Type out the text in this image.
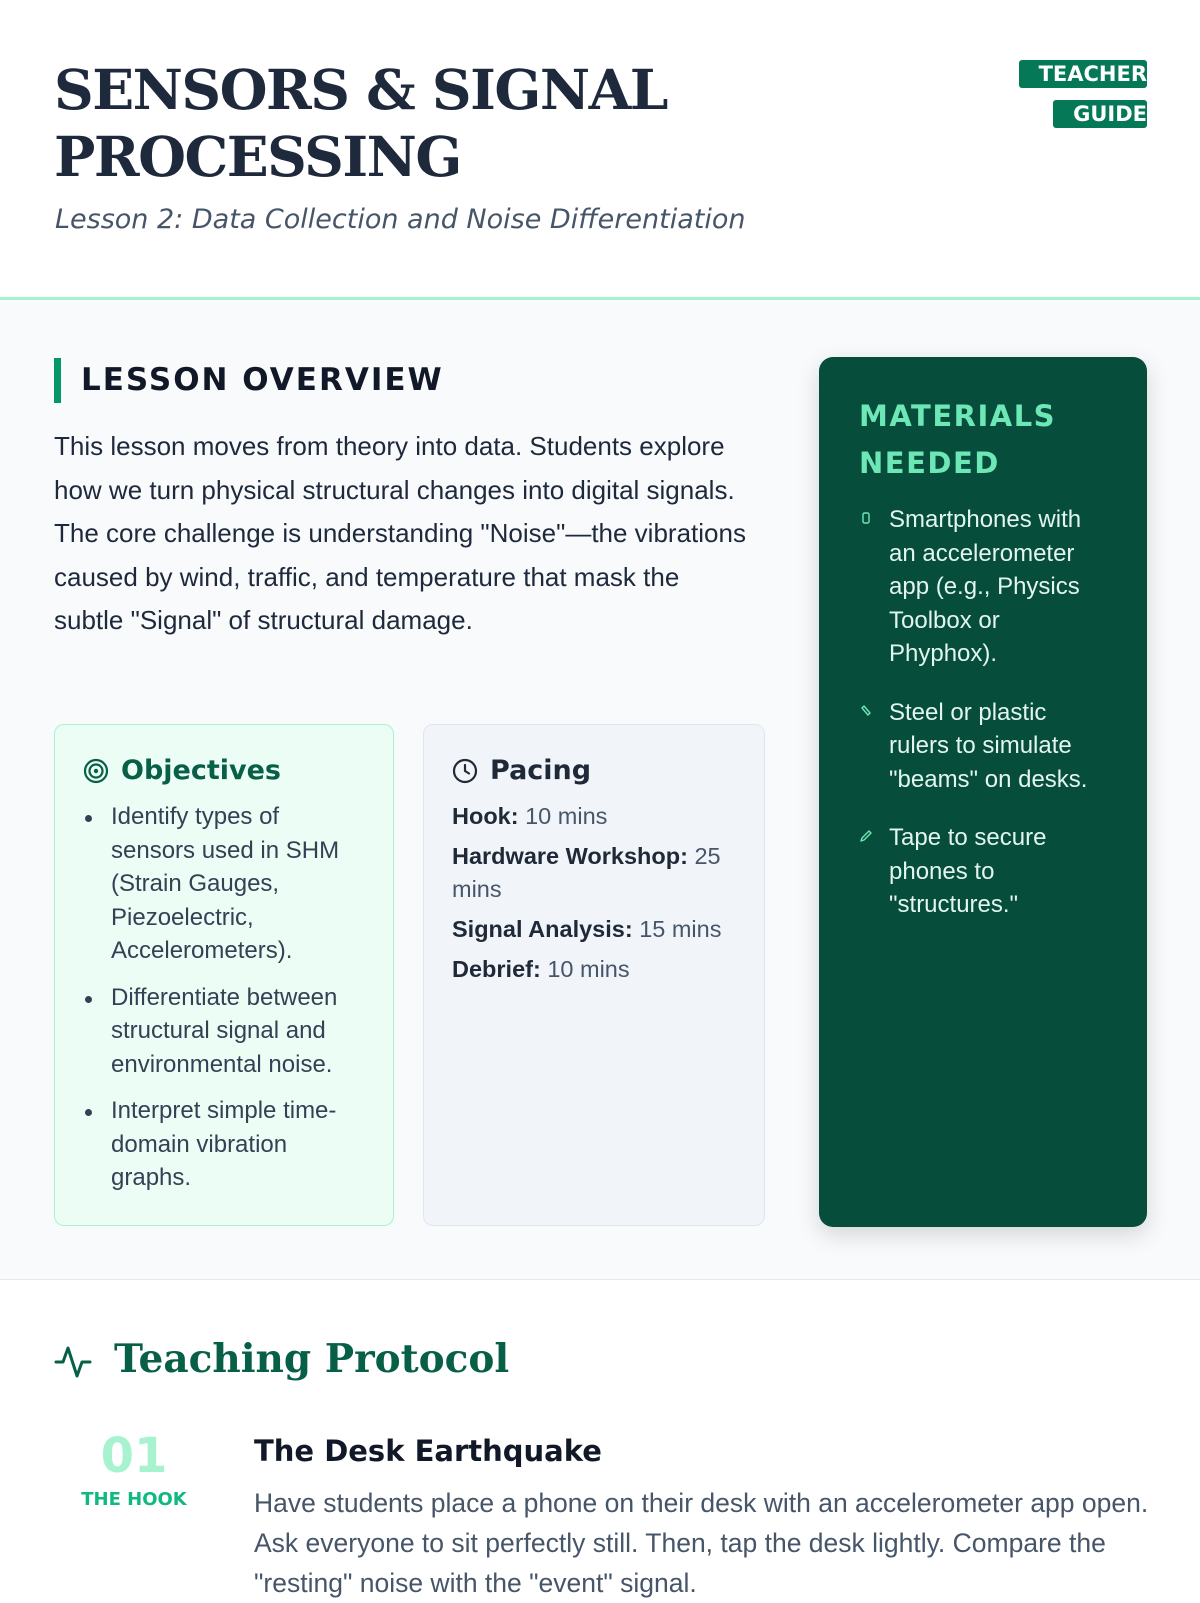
SENSORS & SIGNAL PROCESSING
Lesson 2: Data Collection and Noise Differentiation
TEACHER GUIDE
LESSON OVERVIEW

This lesson moves from theory into data. Students explore how we turn physical structural changes into digital signals. The core challenge is understanding "Noise"—the vibrations caused by wind, traffic, and temperature that mask the subtle "Signal" of structural damage.

Objectives
Identify types of sensors used in SHM (Strain Gauges, Piezoelectric, Accelerometers).
Differentiate between structural signal and environmental noise.
Interpret simple time-domain vibration graphs.
Pacing
Hook: 10 mins
Hardware Workshop: 25 mins
Signal Analysis: 15 mins
Debrief: 10 mins
MATERIALS NEEDED
Smartphones with an accelerometer app (e.g., Physics Toolbox or Phyphox).
Steel or plastic rulers to simulate "beams" on desks.
Tape to secure phones to "structures."
Teaching Protocol
01
THE HOOK
The Desk Earthquake

Have students place a phone on their desk with an accelerometer app open. Ask everyone to sit perfectly still. Then, tap the desk lightly. Compare the "resting" noise with the "event" signal.
